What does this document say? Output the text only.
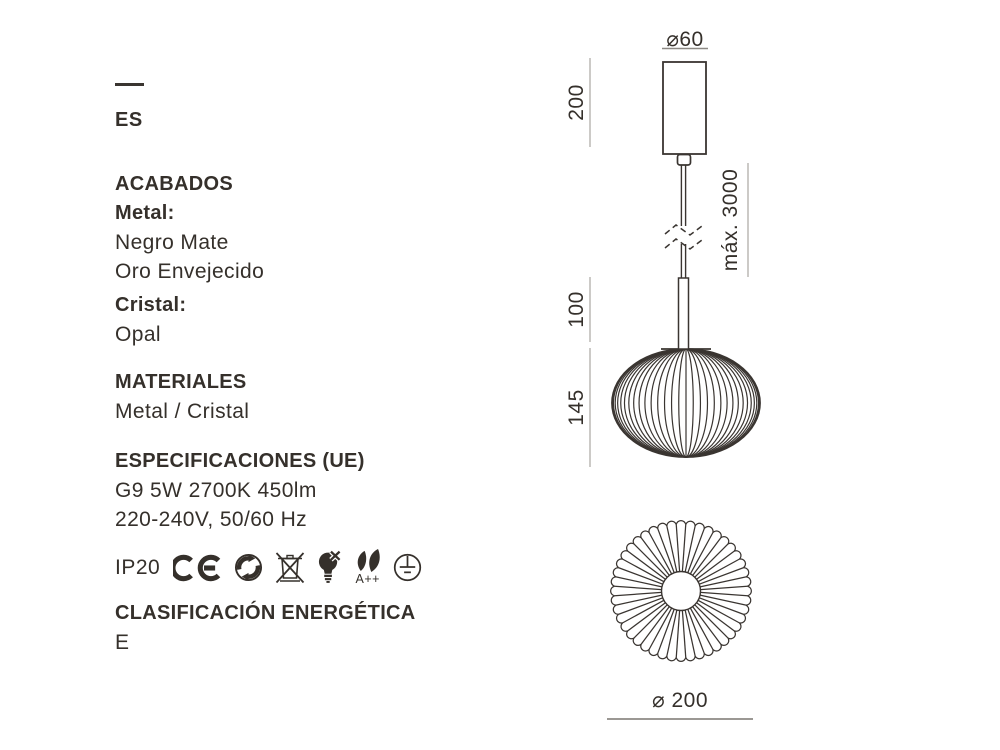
ES
ACABADOS
Metal:
Negro Mate
Oro Envejecido
Cristal:
Opal
MATERIALES
Metal / Cristal
ESPECIFICACIONES (UE)
G9 5W 2700K 450lm
220-240V, 50/60 Hz
IP20
A++
CLASIFICACIÓN ENERGÉTICA
E
⌀60
200
máx. 3000
100
145
⌀ 200
